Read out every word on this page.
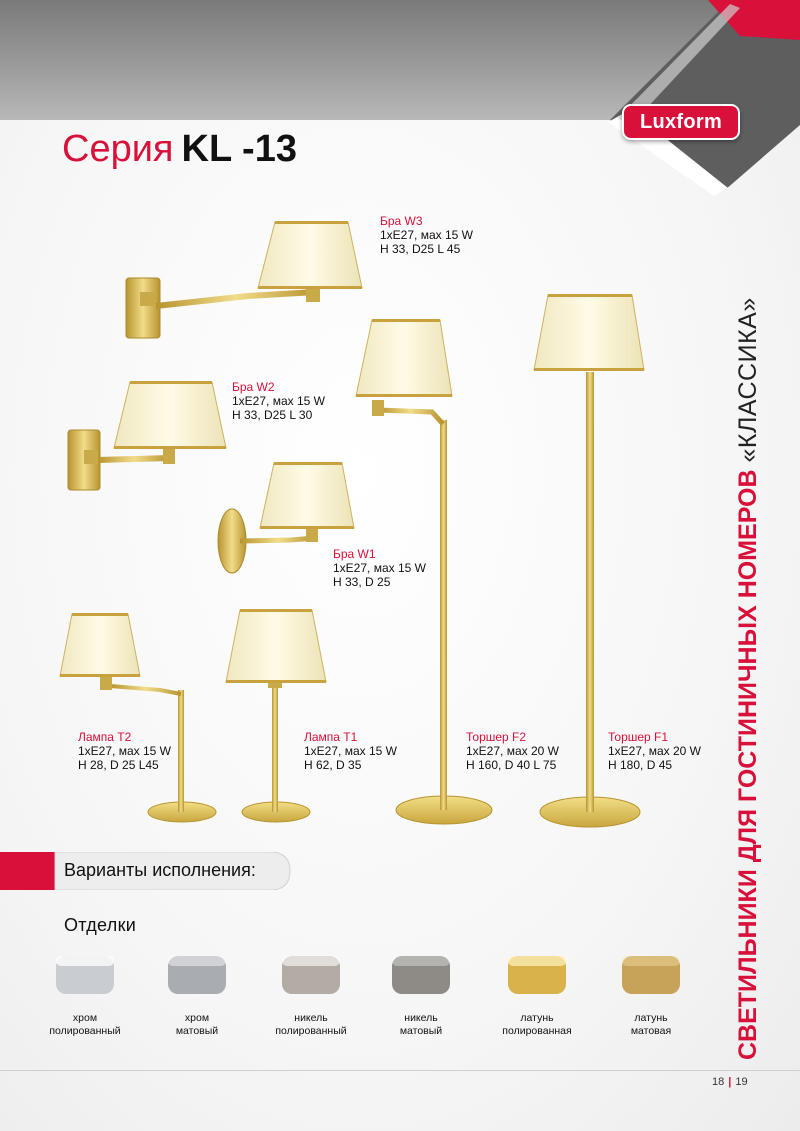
Luxform
Серия KL -13
СВЕТИЛЬНИКИ ДЛЯ ГОСТИНИЧНЫХ НОМЕРОВ «КЛАССИКА»
Бра W3
1xE27, мах 15 W
H 33, D25 L 45
Бра W2
1xE27, мах 15 W
H 33, D25 L 30
Бра W1
1xE27, мах 15 W
H 33, D 25
Лампа T2
1xE27, мах 15 W
H 28, D 25 L45
Лампа T1
1xE27, мах 15 W
H 62, D 35
Торшер F2
1xE27, мах 20 W
H 160, D 40 L 75
Торшер F1
1xE27, мах 20 W
H 180, D 45
Варианты исполнения:
Отделки
хром
полированный
хром
матовый
никель
полированный
никель
матовый
латунь
полированная
латунь
матовая
18 | 19
